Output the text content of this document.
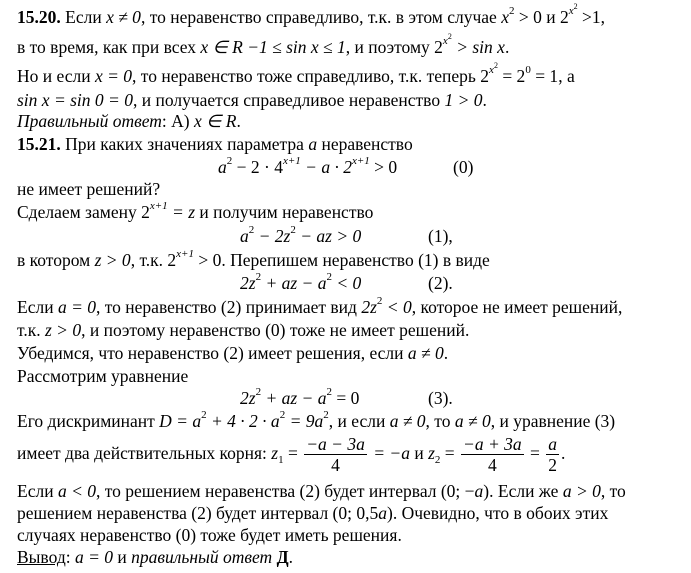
15.20. Если x ≠ 0, то неравенство справедливо, т.к. в этом случае $x^2 > 0$ и $2^{x^2} >1$,
в то время, как при всех x ∈ R −1 ≤ sin x ≤ 1, и поэтому $2^{x^2} > \sin x$.
Но и если x = 0, то неравенство тоже справедливо, т.к. теперь $2^{x^2} = 2^0 = 1$, а
sin x = sin 0 = 0, и получается справедливое неравенство 1 > 0.
Правильный ответ: А) x ∈ R.
15.21. При каких значениях параметра a неравенство
$a^2 - 2 \cdot 4^{x+1} - a \cdot 2^{x+1} > 0$	(0)
не имеет решений?
Сделаем замену $2^{x+1} = z$ и получим неравенство
$a^2 - 2z^2$ − az > 0	(1),
в котором z > 0, т.к. $2^{x+1} > 0$. Перепишем неравенство (1) в виде
$2z^2$ + az − $a^2 < 0$	(2).
Если a = 0, то неравенство (2) принимает вид $2z^2 < 0$, которое не имеет решений,
т.к. z > 0, и поэтому неравенство (0) тоже не имеет решений.
Убедимся, что неравенство (2) имеет решения, если a ≠ 0.
Рассмотрим уравнение
$2z^2$ + az − $a^2 = 0$	(3).
Его дискриминант $D = a^2 + 4 \cdot 2 \cdot a^2 = 9a^2$, и если a ≠ 0, то a ≠ 0, и уравнение (3)
имеет два действительных корня: $z_1 = \frac{-a - 3a}{4} = -a$ и $z_2 = \frac{-a + 3a}{4} = \frac{a}{2}$ .
Если a < 0, то решением неравенства (2) будет интервал (0; −a). Если же a > 0, то
решением неравенства (2) будет интервал (0; 0,5a). Очевидно, что в обоих этих
случаях неравенство (0) тоже будет иметь решения.
Вывод: a = 0 и правильный ответ Д.
